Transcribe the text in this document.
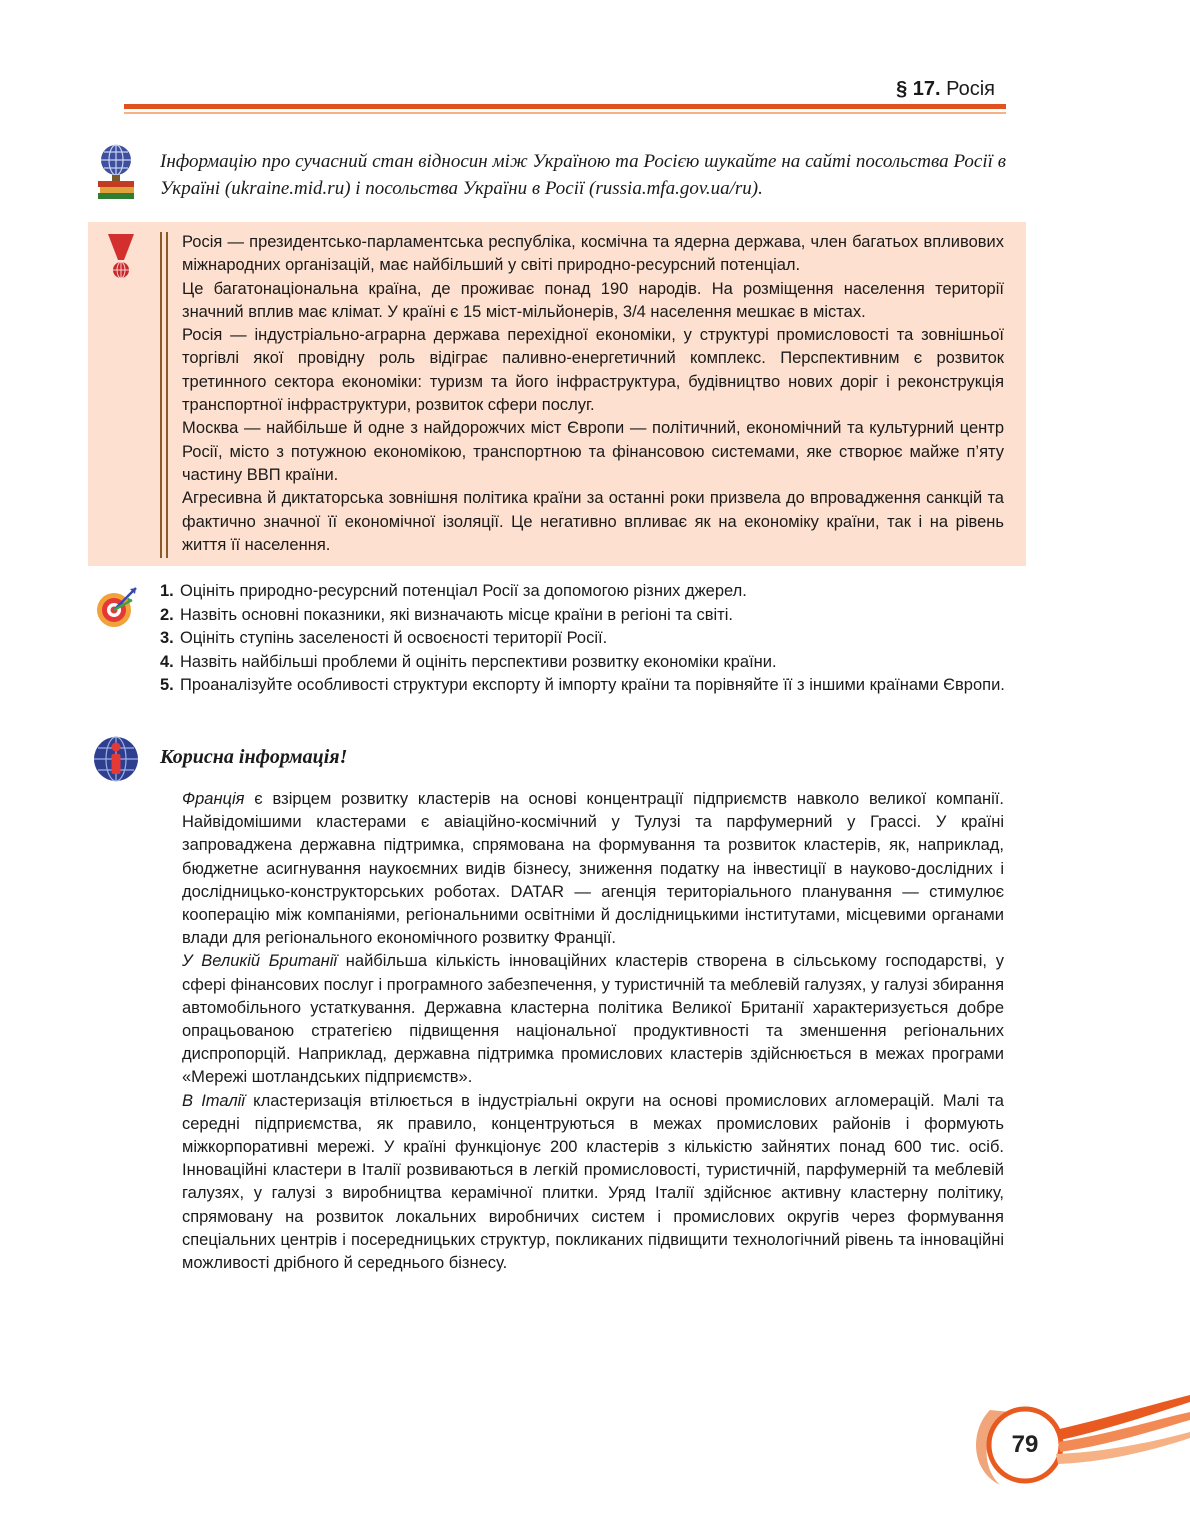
§ 17. Росія
Інформацію про сучасний стан відносин між Україною та Росією шукайте на сайті посольства Росії в Україні (ukraine.mid.ru) і посольства України в Росії (russia.mfa.gov.ua/ru).

Росія — президентсько-парламентська республіка, космічна та ядерна держава, член багатьох впливових міжнародних організацій, має найбільший у світі природно-ресурсний потенціал.

Це багатонаціональна країна, де проживає понад 190 народів. На розміщення населення території значний вплив має клімат. У країні є 15 міст-мільйонерів, 3/4 населення мешкає в містах.

Росія — індустріально-аграрна держава перехідної економіки, у структурі промисловості та зовнішньої торгівлі якої провідну роль відіграє паливно-енергетичний комплекс. Перспективним є розвиток третинного сектора економіки: туризм та його інфраструктура, будівництво нових доріг і реконструкція транспортної інфраструктури, розвиток сфери послуг.

Москва — найбільше й одне з найдорожчих міст Європи — політичний, економічний та культурний центр Росії, місто з потужною економікою, транспортною та фінансовою системами, яке створює майже п’яту частину ВВП країни.

Агресивна й диктаторська зовнішня політика країни за останні роки призвела до впровадження санкцій та фактично значної її економічної ізоляції. Це негативно впливає як на економіку країни, так і на рівень життя її населення.

1. Оцініть природно-ресурсний потенціал Росії за допомогою різних джерел.
2. Назвіть основні показники, які визначають місце країни в регіоні та світі.
3. Оцініть ступінь заселеності й освоєності території Росії.
4. Назвіть найбільші проблеми й оцініть перспективи розвитку економіки країни.
5. Проаналізуйте особливості структури експорту й імпорту країни та порівняйте її з іншими країнами Європи.
Корисна інформація!

Франція є взірцем розвитку кластерів на основі концентрації підприємств навколо великої компанії. Найвідомішими кластерами є авіаційно-космічний у Тулузі та парфумерний у Грассі. У країні запроваджена державна підтримка, спрямована на формування та розвиток кластерів, як, наприклад, бюджетне асигнування наукоємних видів бізнесу, зниження податку на інвестиції в науково-дослідних і дослідницько-конструкторських роботах. DATAR — агенція територіального планування — стимулює кооперацію між компаніями, регіональними освітніми й дослідницькими інститутами, місцевими органами влади для регіонального економічного розвитку Франції.

У Великій Британії найбільша кількість інноваційних кластерів створена в сільському господарстві, у сфері фінансових послуг і програмного забезпечення, у туристичній та меблевій галузях, у галузі збирання автомобільного устаткування. Державна кластерна політика Великої Британії характеризується добре опрацьованою стратегією підвищення національної продуктивності та зменшення регіональних диспропорцій. Наприклад, державна підтримка промислових кластерів здійснюється в межах програми «Мережі шотландських підприємств».

В Італії кластеризація втілюється в індустріальні округи на основі промислових агломерацій. Малі та середні підприємства, як правило, концентруються в межах промислових районів і формують міжкорпоративні мережі. У країні функціонує 200 кластерів з кількістю зайнятих понад 600 тис. осіб. Інноваційні кластери в Італії розвиваються в легкій промисловості, туристичній, парфумерній та меблевій галузях, у галузі з виробництва керамічної плитки. Уряд Італії здійснює активну кластерну політику, спрямовану на розвиток локальних виробничих систем і промислових округів через формування спеціальних центрів і посередницьких структур, покликаних підвищити технологічний рівень та інноваційні можливості дрібного й середнього бізнесу.

79
